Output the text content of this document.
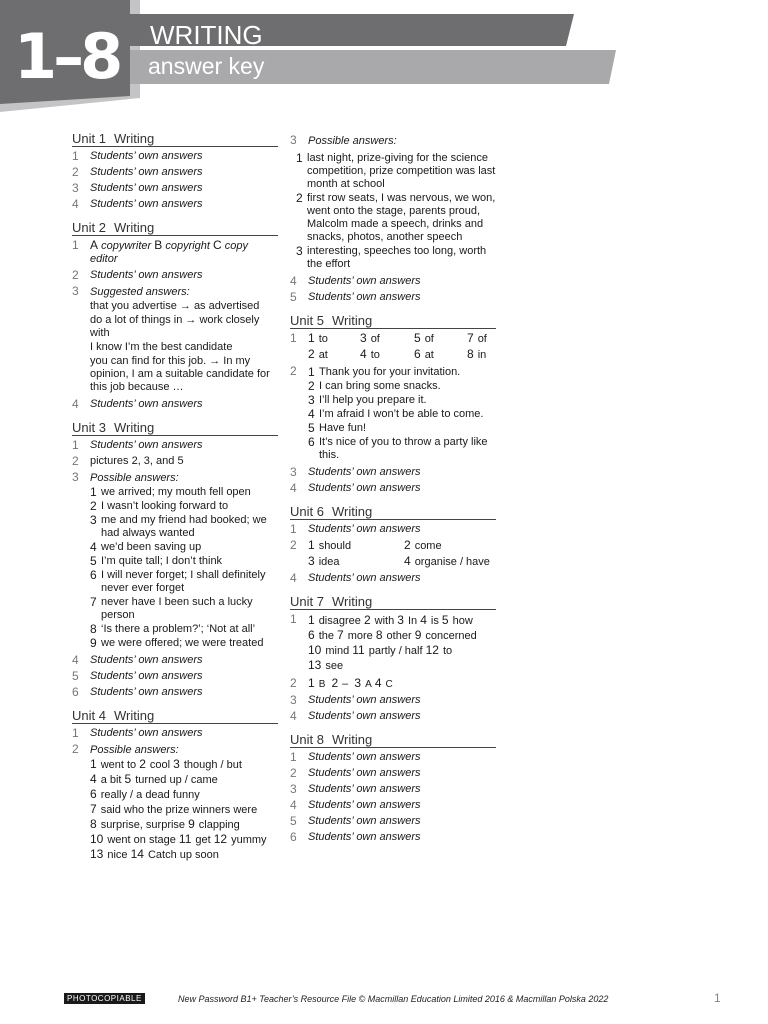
1–8 WRITING
answer key
Unit 1 Writing
1	Students’ own answers
2	Students’ own answers
3	Students’ own answers
4	Students’ own answers
Unit 2 Writing
1 A copywriter B copyright C copy editor
2	Students’ own answers
3	Suggested answers:
that you advertise → as advertised
do a lot of things in → work closely with
I know I’m the best candidate
you can find for this job. → In my opinion, I am a suitable candidate for this job because …
4	Students’ own answers
Unit 3 Writing
1	Students’ own answers
2	pictures 2, 3, and 5
3	Possible answers:
1 we arrived; my mouth fell open
2 I wasn’t looking forward to
3 me and my friend had booked; we had always wanted
4 we’d been saving up
5 I’m quite tall; I don’t think
6 I will never forget; I shall definitely never ever forget
7 never have I been such a lucky person
8 ‘Is there a problem?’; ‘Not at all’
9 we were offered; we were treated
4	Students’ own answers
5	Students’ own answers
6	Students’ own answers
Unit 4 Writing
1	Students’ own answers
2	Possible answers:
1 went to 2 cool 3 though / but
4 a bit 5 turned up / came
6 really / a dead funny
7 said who the prize winners were
8 surprise, surprise 9 clapping
10 went on stage 11 get 12 yummy
13 nice 14 Catch up soon
3	Possible answers:
1 last night, prize-giving for the science competition, prize competition was last month at school
2 first row seats, I was nervous, we won, went onto the stage, parents proud, Malcolm made a speech, drinks and snacks, photos, another speech
3 interesting, speeches too long, worth the effort
4	Students’ own answers
5	Students’ own answers
Unit 5 Writing
1 1 to	3 of	5 of	7 of
2 at	4 to	6 at	8 in
2 1 Thank you for your invitation.
2 I can bring some snacks.
3 I’ll help you prepare it.
4 I’m afraid I won’t be able to come.
5 Have fun!
6 It’s nice of you to throw a party like this.
3	Students’ own answers
4	Students’ own answers
Unit 6 Writing
1	Students’ own answers
2 1 should	2 come
3 idea	4 organise / have
4	Students’ own answers
Unit 7 Writing
1 1 disagree 2 with 3 In 4 is 5 how
6 the 7 more 8 other 9 concerned
10 mind 11 partly / half 12 to
13 see
2 1 B 2 – 3 A 4 C
3	Students’ own answers
4	Students’ own answers
Unit 8 Writing
1	Students’ own answers
2	Students’ own answers
3	Students’ own answers
4	Students’ own answers
5	Students’ own answers
6	Students’ own answers
PHOTOCOPIABLE	New Password B1+ Teacher’s Resource File © Macmillan Education Limited 2016 & Macmillan Polska 2022	1
